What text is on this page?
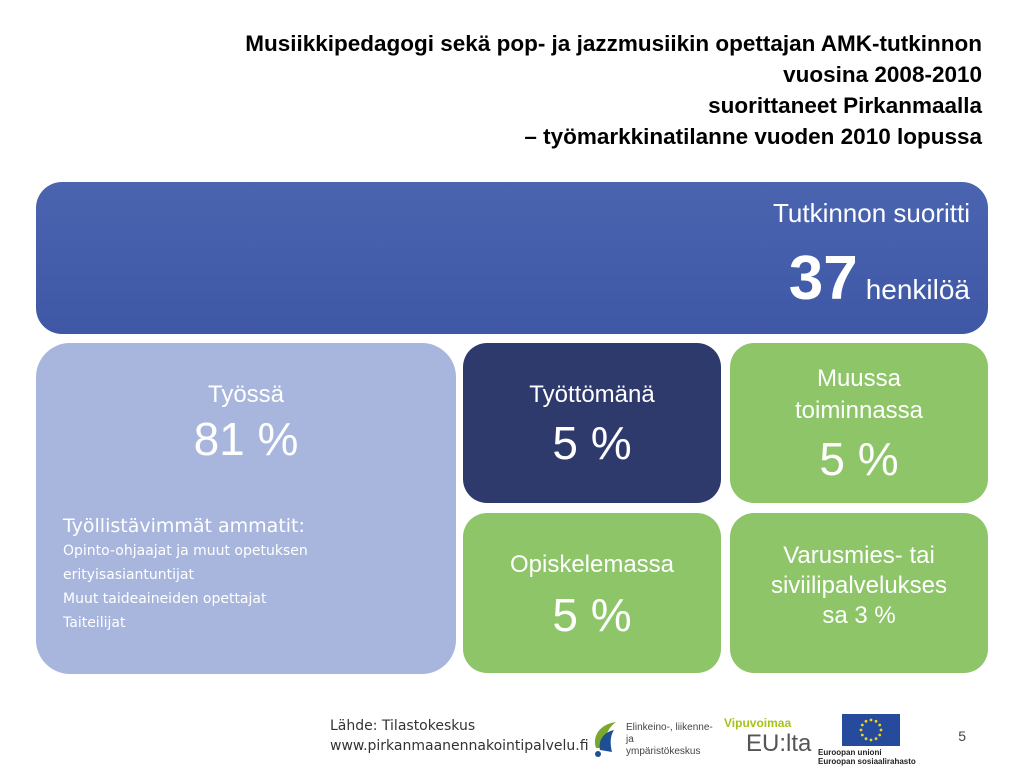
Musiikkipedagogi sekä pop- ja jazzmusiikin opettajan AMK-tutkinnon
vuosina 2008-2010
suorittaneet Pirkanmaalla
– työmarkkinatilanne vuoden 2010 lopussa
Tutkinnon suoritti
37 henkilöä
Työssä
81 %
Työllistävimmät ammatit:
Opinto-ohjaajat ja muut opetuksen
erityisasiantuntijat
Muut taideaineiden opettajat
Taiteilijat
Työttömänä
5 %
Muussa
toiminnassa
5 %
Opiskelemassa
5 %
Varusmies- tai
siviilipalvelukses
sa 3 %
Lähde: Tilastokeskus
www.pirkanmaanennakointipalvelu.fi
Elinkeino-, liikenne- ja
ympäristökeskus
Vipuvoimaa
EU:lta Euroopan unioni
Euroopan sosiaalirahasto
5
